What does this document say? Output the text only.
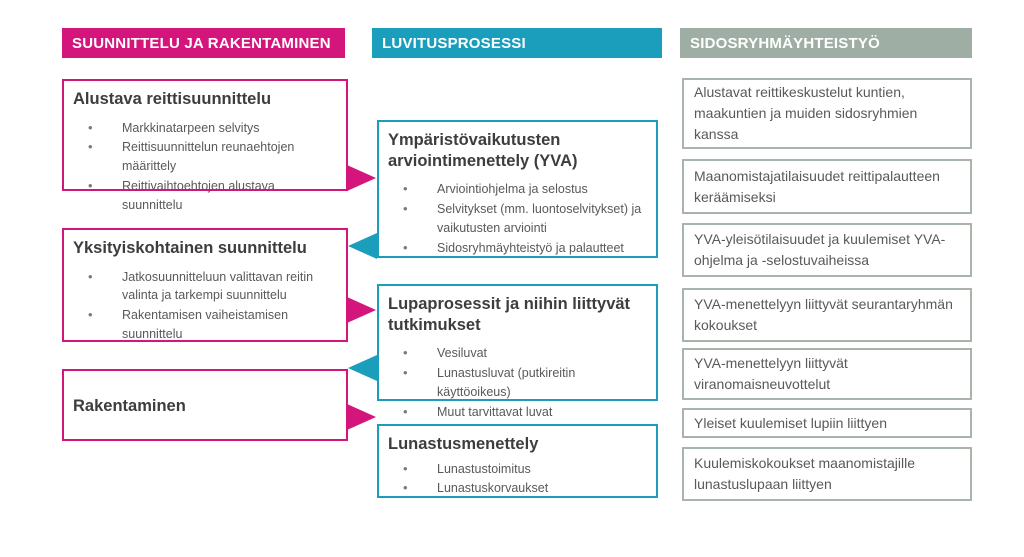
SUUNNITTELU JA RAKENTAMINEN	LUVITUSPROSESSI	SIDOSRYHMÄYHTEISTYÖ
Alustava reittisuunnittelu
• Markkinatarpeen selvitys
• Reittisuunnittelun reunaehtojen määrittely
• Reittivaihtoehtojen alustava suunnittelu
Yksityiskohtainen suunnittelu
• Jatkosuunnitteluun valittavan reitin valinta ja tarkempi suunnittelu
• Rakentamisen vaiheistamisen suunnittelu
Rakentaminen
Ympäristövaikutusten arviointimenettely (YVA)
• Arviointiohjelma ja selostus
• Selvitykset (mm. luontoselvitykset) ja vaikutusten arviointi
• Sidosryhmäyhteistyö ja palautteet
Lupaprosessit ja niihin liittyvät tutkimukset
• Vesiluvat
• Lunastusluvat (putkireitin käyttöoikeus)
• Muut tarvittavat luvat
Lunastusmenettely
• Lunastustoimitus
• Lunastuskorvaukset
Alustavat reittikeskustelut kuntien, maakuntien ja muiden sidosryhmien kanssa
Maanomistajatilaisuudet reittipalautteen keräämiseksi
YVA-yleisötilaisuudet ja kuulemiset YVA-ohjelma ja -selostuvaiheissa
YVA-menettelyyn liittyvät seurantaryhmän kokoukset
YVA-menettelyyn liittyvät viranomaisneuvottelut
Yleiset kuulemiset lupiin liittyen
Kuulemiskokoukset maanomistajille lunastuslupaan liittyen
